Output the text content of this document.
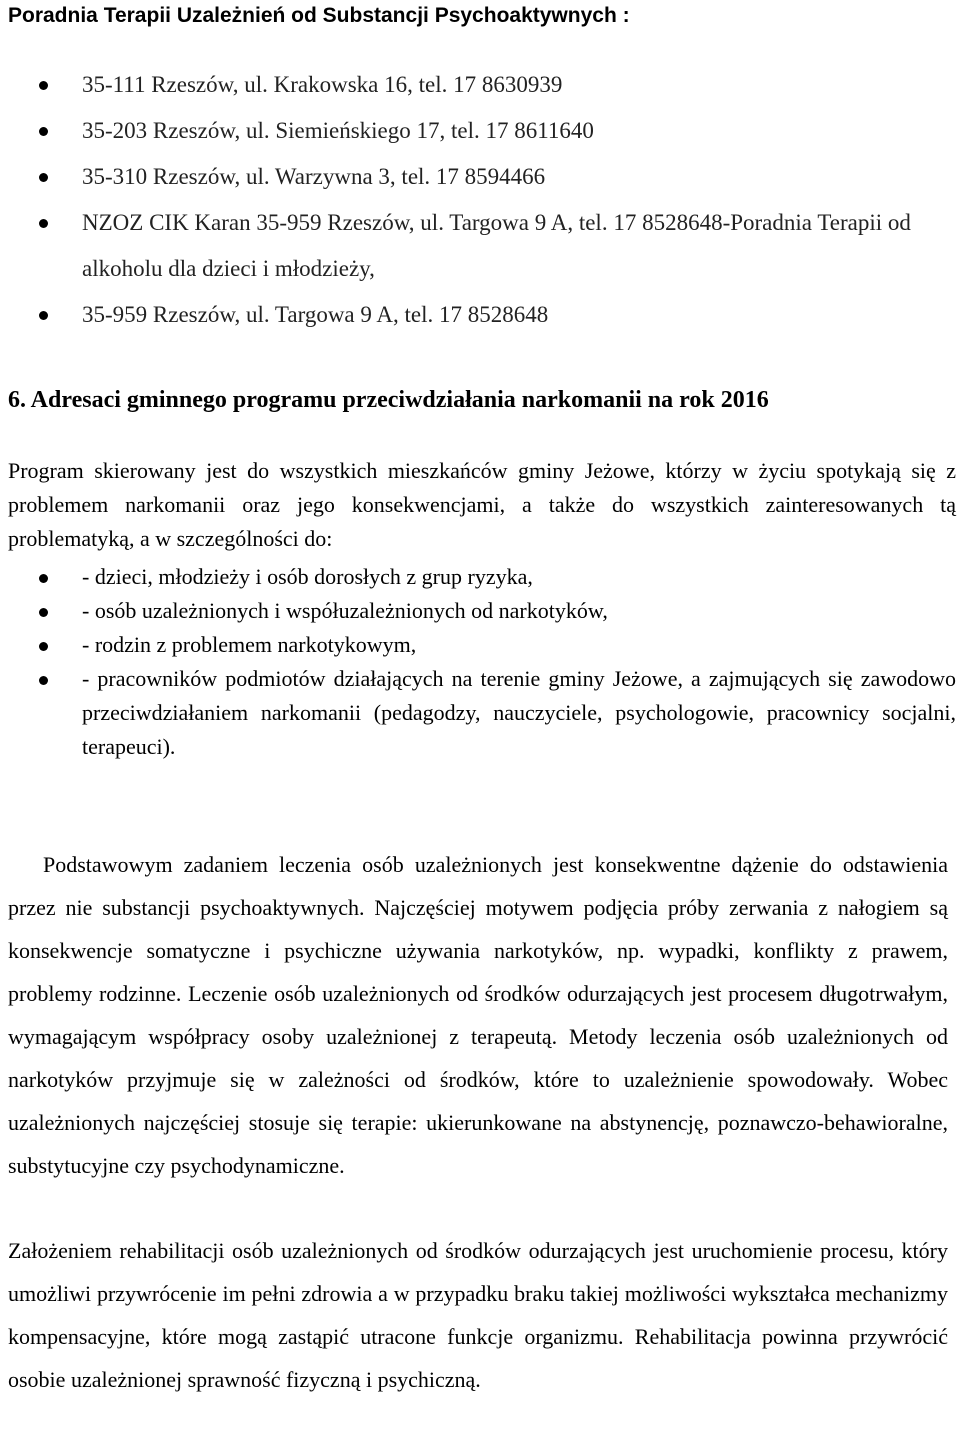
Poradnia Terapii Uzależnień od Substancji Psychoaktywnych :
35-111 Rzeszów, ul. Krakowska 16, tel. 17 8630939
35-203 Rzeszów, ul. Siemieńskiego 17, tel. 17 8611640
35-310 Rzeszów, ul. Warzywna 3, tel. 17 8594466
NZOZ CIK Karan 35-959 Rzeszów, ul. Targowa 9 A, tel. 17 8528648-Poradnia Terapii od alkoholu dla dzieci i młodzieży,
35-959 Rzeszów, ul. Targowa 9 A, tel. 17 8528648
6. Adresaci gminnego programu przeciwdziałania narkomanii na rok 2016

Program skierowany jest do wszystkich mieszkańców gminy Jeżowe, którzy w życiu spotykają się z problemem narkomanii oraz jego konsekwencjami, a także do wszystkich zainteresowanych tą problematyką, a w szczególności do:

- dzieci, młodzieży i osób dorosłych z grup ryzyka,
- osób uzależnionych i współuzależnionych od narkotyków,
- rodzin z problemem narkotykowym,
- pracowników podmiotów działających na terenie gminy Jeżowe, a zajmujących się zawodowo przeciwdziałaniem narkomanii (pedagodzy, nauczyciele, psychologowie, pracownicy socjalni, terapeuci).

Podstawowym zadaniem leczenia osób uzależnionych jest konsekwentne dążenie do odstawienia przez nie substancji psychoaktywnych. Najczęściej motywem podjęcia próby zerwania z nałogiem są konsekwencje somatyczne i psychiczne używania narkotyków, np. wypadki, konflikty z prawem, problemy rodzinne. Leczenie osób uzależnionych od środków odurzających jest procesem długotrwałym, wymagającym współpracy osoby uzależnionej z terapeutą. Metody leczenia osób uzależnionych od narkotyków przyjmuje się w zależności od środków, które to uzależnienie spowodowały. Wobec uzależnionych najczęściej stosuje się terapie: ukierunkowane na abstynencję, poznawczo-behawioralne, substytucyjne czy psychodynamiczne.

Założeniem rehabilitacji osób uzależnionych od środków odurzających jest uruchomienie procesu, który umożliwi przywrócenie im pełni zdrowia a w przypadku braku takiej możliwości wykształca mechanizmy kompensacyjne, które mogą zastąpić utracone funkcje organizmu. Rehabilitacja powinna przywrócić osobie uzależnionej sprawność fizyczną i psychiczną.
